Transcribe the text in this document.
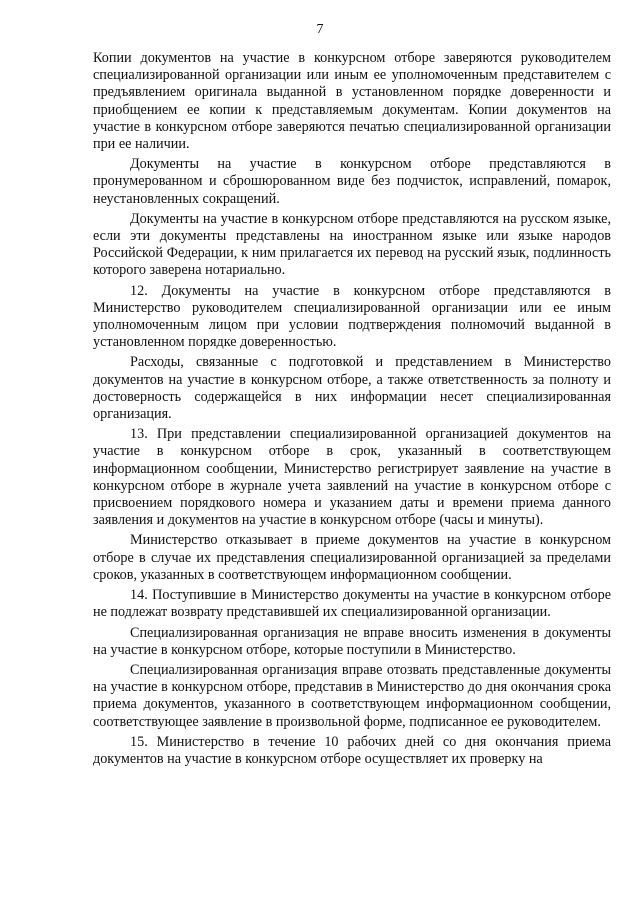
7

Копии документов на участие в конкурсном отборе заверяются руководителем специализированной организации или иным ее уполномоченным представителем с предъявлением оригинала выданной в установленном порядке доверенности и приобщением ее копии к представляемым документам. Копии документов на участие в конкурсном отборе заверяются печатью специализированной организации при ее наличии.

Документы на участие в конкурсном отборе представляются в пронумерованном и сброшюрованном виде без подчисток, исправлений, помарок, неустановленных сокращений.

Документы на участие в конкурсном отборе представляются на русском языке, если эти документы представлены на иностранном языке или языке народов Российской Федерации, к ним прилагается их перевод на русский язык, подлинность которого заверена нотариально.

12. Документы на участие в конкурсном отборе представляются в Министерство руководителем специализированной организации или ее иным уполномоченным лицом при условии подтверждения полномочий выданной в установленном порядке доверенностью.

Расходы, связанные с подготовкой и представлением в Министерство документов на участие в конкурсном отборе, а также ответственность за полноту и достоверность содержащейся в них информации несет специализированная организация.

13. При представлении специализированной организацией документов на участие в конкурсном отборе в срок, указанный в соответствующем информационном сообщении, Министерство регистрирует заявление на участие в конкурсном отборе в журнале учета заявлений на участие в конкурсном отборе с присвоением порядкового номера и указанием даты и времени приема данного заявления и документов на участие в конкурсном отборе (часы и минуты).

Министерство отказывает в приеме документов на участие в конкурсном отборе в случае их представления специализированной организацией за пределами сроков, указанных в соответствующем информационном сообщении.

14. Поступившие в Министерство документы на участие в конкурсном отборе не подлежат возврату представившей их специализированной организации.

Специализированная организация не вправе вносить изменения в документы на участие в конкурсном отборе, которые поступили в Министерство.

Специализированная организация вправе отозвать представленные документы на участие в конкурсном отборе, представив в Министерство до дня окончания срока приема документов, указанного в соответствующем информационном сообщении, соответствующее заявление в произвольной форме, подписанное ее руководителем.

15. Министерство в течение 10 рабочих дней со дня окончания приема документов на участие в конкурсном отборе осуществляет их проверку на
